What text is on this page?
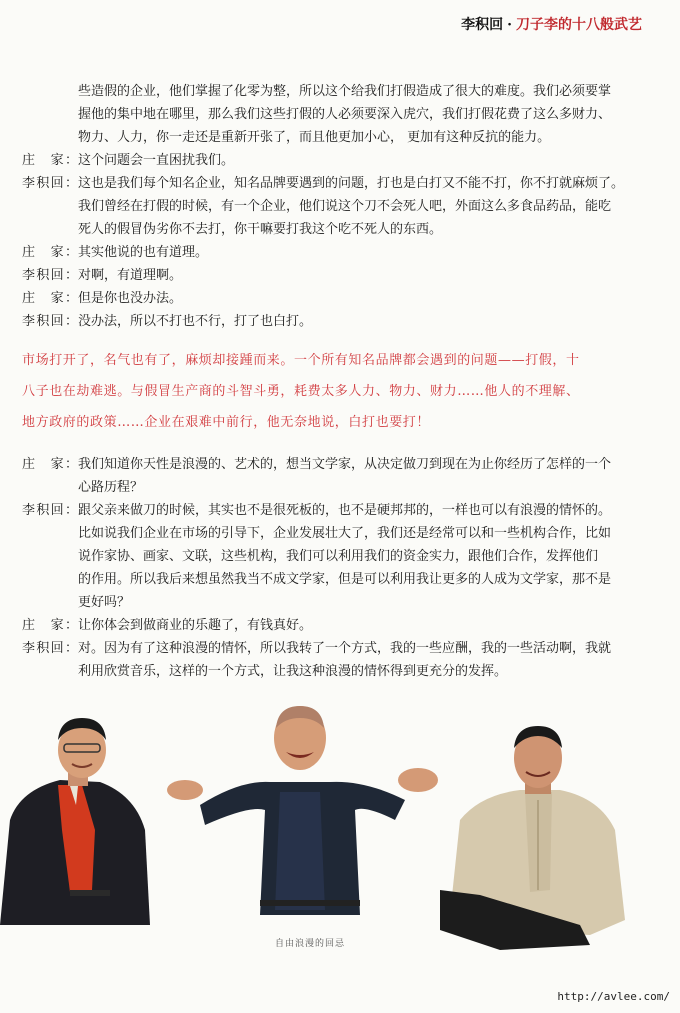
李积回 · 刀子李的十八般武艺
些造假的企业，他们掌握了化零为整，所以这个给我们打假造成了很大的难度。我们必须要掌
握他的集中地在哪里，那么我们这些打假的人必须要深入虎穴，我们打假花费了这么多财力、
物力、人力，你一走还是重新开张了，而且他更加小心， 更加有这种反抗的能力。
庄　家： 这个问题会一直困扰我们。
李积回： 这也是我们每个知名企业，知名品牌要遇到的问题，打也是白打又不能不打，你不打就麻烦了。
我们曾经在打假的时候，有一个企业，他们说这个刀不会死人吧，外面这么多食品药品，能吃
死人的假冒伪劣你不去打，你干嘛要打我这个吃不死人的东西。
庄　家： 其实他说的也有道理。
李积回： 对啊，有道理啊。
庄　家： 但是你也没办法。
李积回： 没办法，所以不打也不行，打了也白打。
市场打开了，名气也有了，麻烦却接踵而来。一个所有知名品牌都会遇到的问题——打假，十
八子也在劫难逃。与假冒生产商的斗智斗勇，耗费太多人力、物力、财力……他人的不理解、
地方政府的政策……企业在艰难中前行，他无奈地说，白打也要打！
庄　家： 我们知道你天性是浪漫的、艺术的，想当文学家，从决定做刀到现在为止你经历了怎样的一个
心路历程？
李积回： 跟父亲来做刀的时候，其实也不是很死板的，也不是硬邦邦的，一样也可以有浪漫的情怀的。
比如说我们企业在市场的引导下，企业发展壮大了，我们还是经常可以和一些机构合作，比如
说作家协、画家、文联，这些机构，我们可以利用我们的资金实力，跟他们合作，发挥他们
的作用。所以我后来想虽然我当不成文学家，但是可以利用我让更多的人成为文学家，那不是
更好吗？
庄　家： 让你体会到做商业的乐趣了，有钱真好。
李积回： 对。因为有了这种浪漫的情怀，所以我转了一个方式，我的一些应酬，我的一些活动啊，我就
利用欣赏音乐，这样的一个方式，让我这种浪漫的情怀得到更充分的发挥。
自由浪漫的回忌
http://avlee.com/
